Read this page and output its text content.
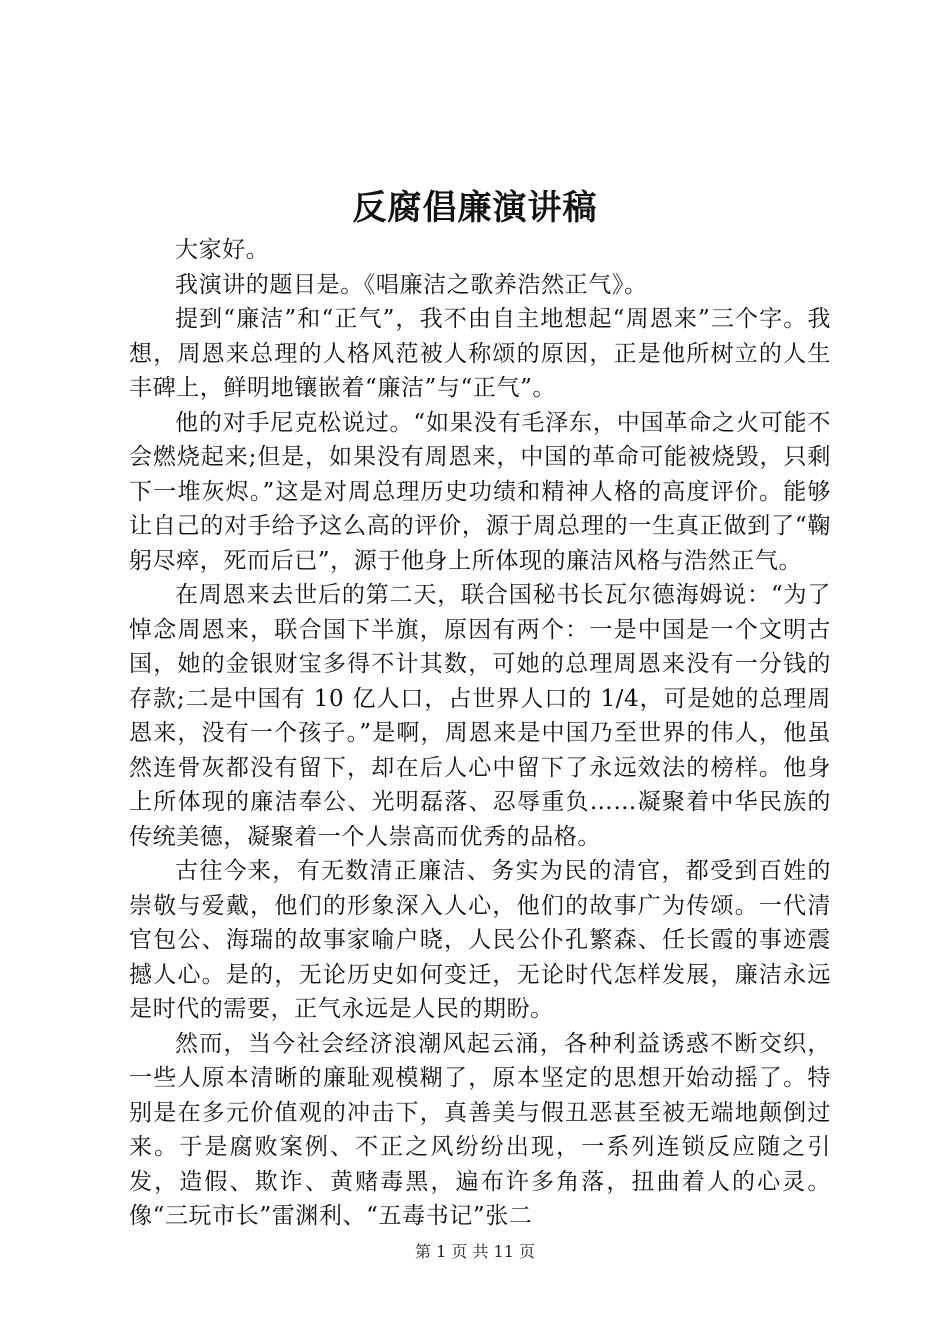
反腐倡廉演讲稿

大家好。

我演讲的题目是。《唱廉洁之歌养浩然正气》。

提到“廉洁”和“正气”，我不由自主地想起“周恩来”三个字。我想，周恩来总理的人格风范被人称颂的原因，正是他所树立的人生丰碑上，鲜明地镶嵌着“廉洁”与“正气”。

他的对手尼克松说过。“如果没有毛泽东，中国革命之火可能不会燃烧起来;但是，如果没有周恩来，中国的革命可能被烧毁，只剩下一堆灰烬。”这是对周总理历史功绩和精神人格的高度评价。能够让自己的对手给予这么高的评价，源于周总理的一生真正做到了“鞠躬尽瘁，死而后已”，源于他身上所体现的廉洁风格与浩然正气。

在周恩来去世后的第二天，联合国秘书长瓦尔德海姆说：“为了悼念周恩来，联合国下半旗，原因有两个：一是中国是一个文明古国，她的金银财宝多得不计其数，可她的总理周恩来没有一分钱的存款;二是中国有 10 亿人口，占世界人口的 1/4，可是她的总理周恩来，没有一个孩子。”是啊，周恩来是中国乃至世界的伟人，他虽然连骨灰都没有留下，却在后人心中留下了永远效法的榜样。他身上所体现的廉洁奉公、光明磊落、忍辱重负……凝聚着中华民族的传统美德，凝聚着一个人崇高而优秀的品格。

古往今来，有无数清正廉洁、务实为民的清官，都受到百姓的崇敬与爱戴，他们的形象深入人心，他们的故事广为传颂。一代清官包公、海瑞的故事家喻户晓，人民公仆孔繁森、任长霞的事迹震撼人心。是的，无论历史如何变迁，无论时代怎样发展，廉洁永远是时代的需要，正气永远是人民的期盼。

然而，当今社会经济浪潮风起云涌，各种利益诱惑不断交织，一些人原本清晰的廉耻观模糊了，原本坚定的思想开始动摇了。特别是在多元价值观的冲击下，真善美与假丑恶甚至被无端地颠倒过来。于是腐败案例、不正之风纷纷出现，一系列连锁反应随之引发，造假、欺诈、黄赌毒黑，遍布许多角落，扭曲着人的心灵。像“三玩市长”雷渊利、“五毒书记”张二

第 1 页 共 11 页
